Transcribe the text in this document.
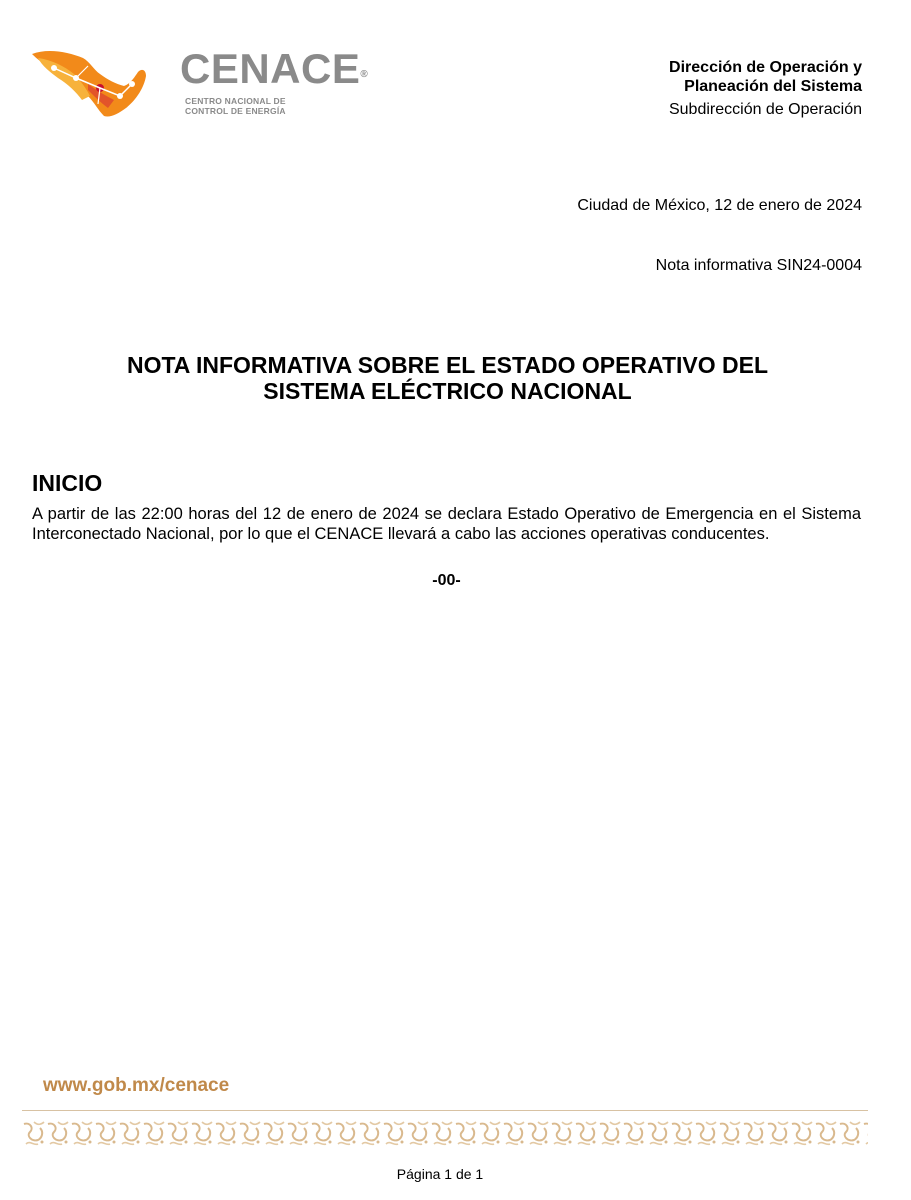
CENACE®
CENTRO NACIONAL DE
CONTROL DE ENERGÍA
Dirección de Operación y
Planeación del Sistema
Subdirección de Operación
Ciudad de México, 12 de enero de 2024
Nota informativa SIN24-0004
NOTA INFORMATIVA SOBRE EL ESTADO OPERATIVO DEL
SISTEMA ELÉCTRICO NACIONAL
INICIO
A partir de las 22:00 horas del 12 de enero de 2024 se declara Estado Operativo de Emergencia en el Sistema Interconectado Nacional, por lo que el CENACE llevará a cabo las acciones operativas conducentes.
-00-
www.gob.mx/cenace
Página 1 de 1
